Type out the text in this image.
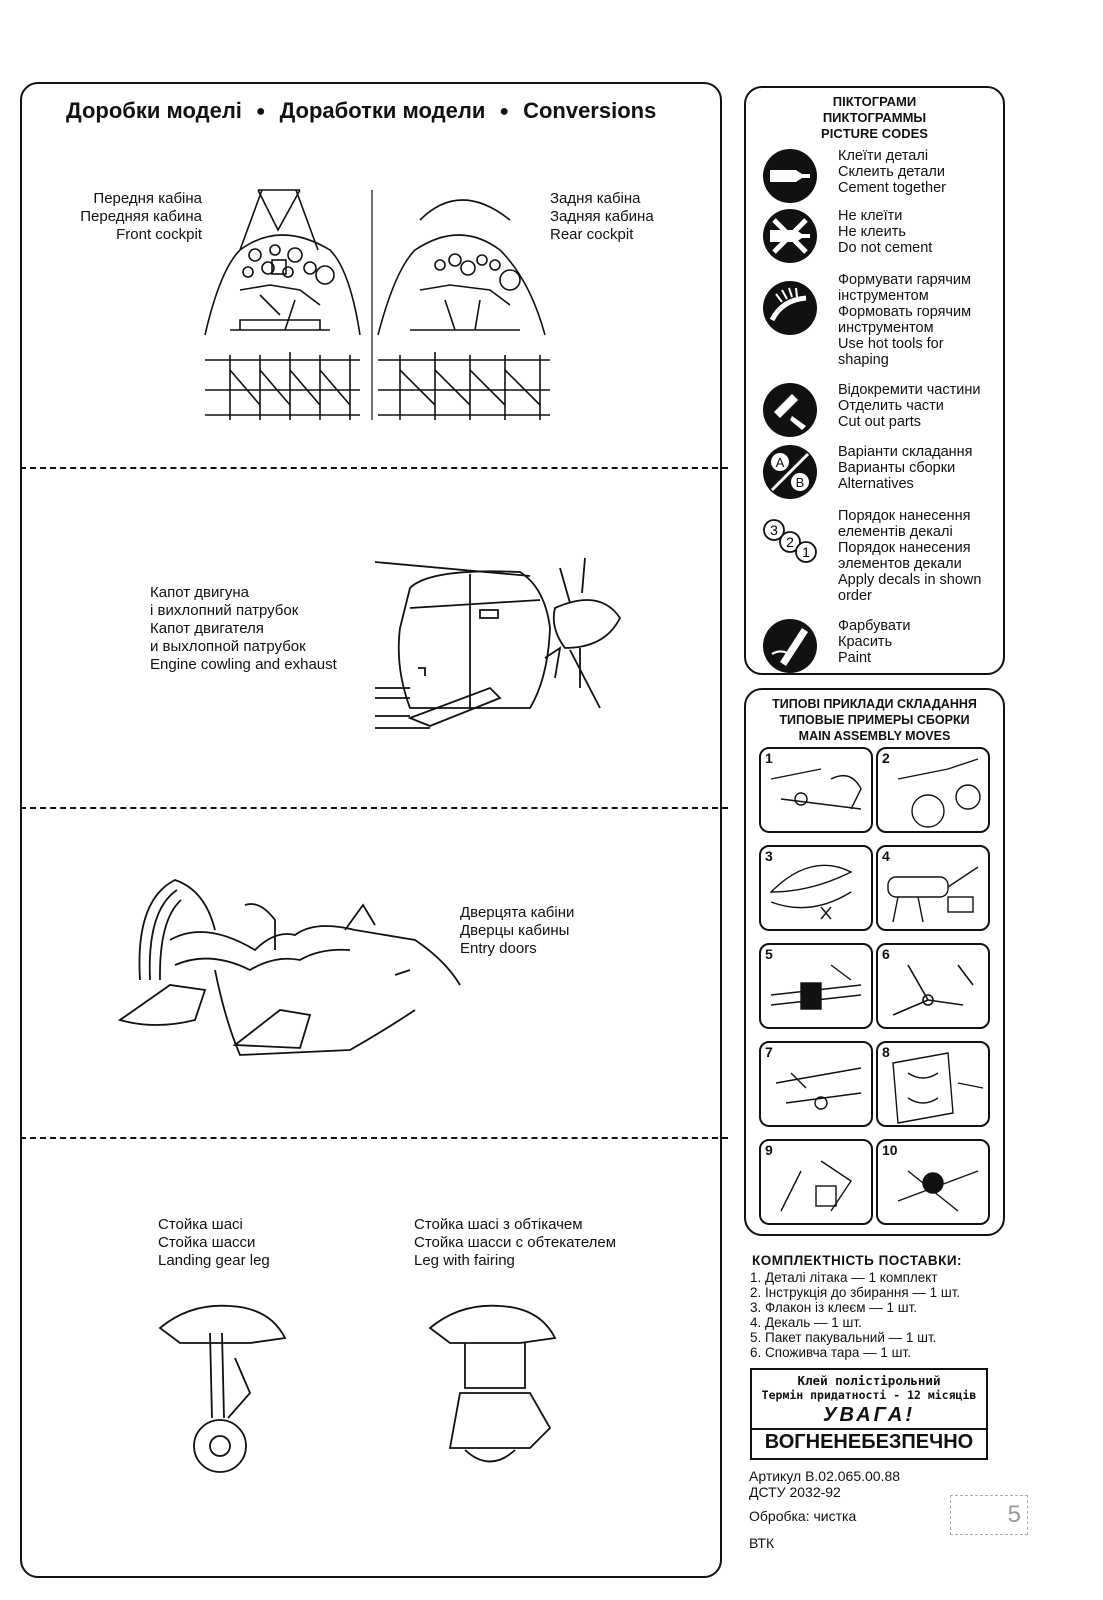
Доробки моделі ● Доработки модели ● Conversions
Передня кабіна
Передняя кабина
Front cockpit
Задня кабіна
Задняя кабина
Rear cockpit
Капот двигуна
і вихлопний патрубок
Капот двигателя
и выхлопной патрубок
Engine cowling and exhaust
Дверцята кабіни
Дверцы кабины
Entry doors
Стойка шасі
Стойка шасси
Landing gear leg
Стойка шасі з обтікачем
Стойка шасси с обтекателем
Leg with fairing
ПІКТОГРАМИ
ПИКТОГРАММЫ
PICTURE CODES
Клеїти деталі
Склеить детали
Cement together
Не клеїти
Не клеить
Do not cement
Формувати гарячим
інструментом
Формовать горячим
инструментом
Use hot tools for
shaping
Відокремити частини
Отделить части
Cut out parts
A
B
Варіанти складання
Варианты сборки
Alternatives
3
2
1
Порядок нанесення
елементів декалі
Порядок нанесения
элементов декали
Apply decals in shown
order
Фарбувати
Красить
Paint
ТИПОВІ ПРИКЛАДИ СКЛАДАННЯ
ТИПОВЫЕ ПРИМЕРЫ СБОРКИ
MAIN ASSEMBLY MOVES
1	2
3	4
5	6
7	8
9	10
КОМПЛЕКТНІСТЬ ПОСТАВКИ:
1. Деталі літака — 1 комплект
2. Інструкція до збирання — 1 шт.
3. Флакон із клеєм — 1 шт.
4. Декаль — 1 шт.
5. Пакет пакувальний — 1 шт.
6. Споживча тара — 1 шт.
Клей полістірольний
Термін придатності - 12 місяців
УВАГА!
ВОГНЕНЕБЕЗПЕЧНО
Артикул В.02.065.00.88
ДСТУ 2032-92
Обробка: чистка
ВТК
5
